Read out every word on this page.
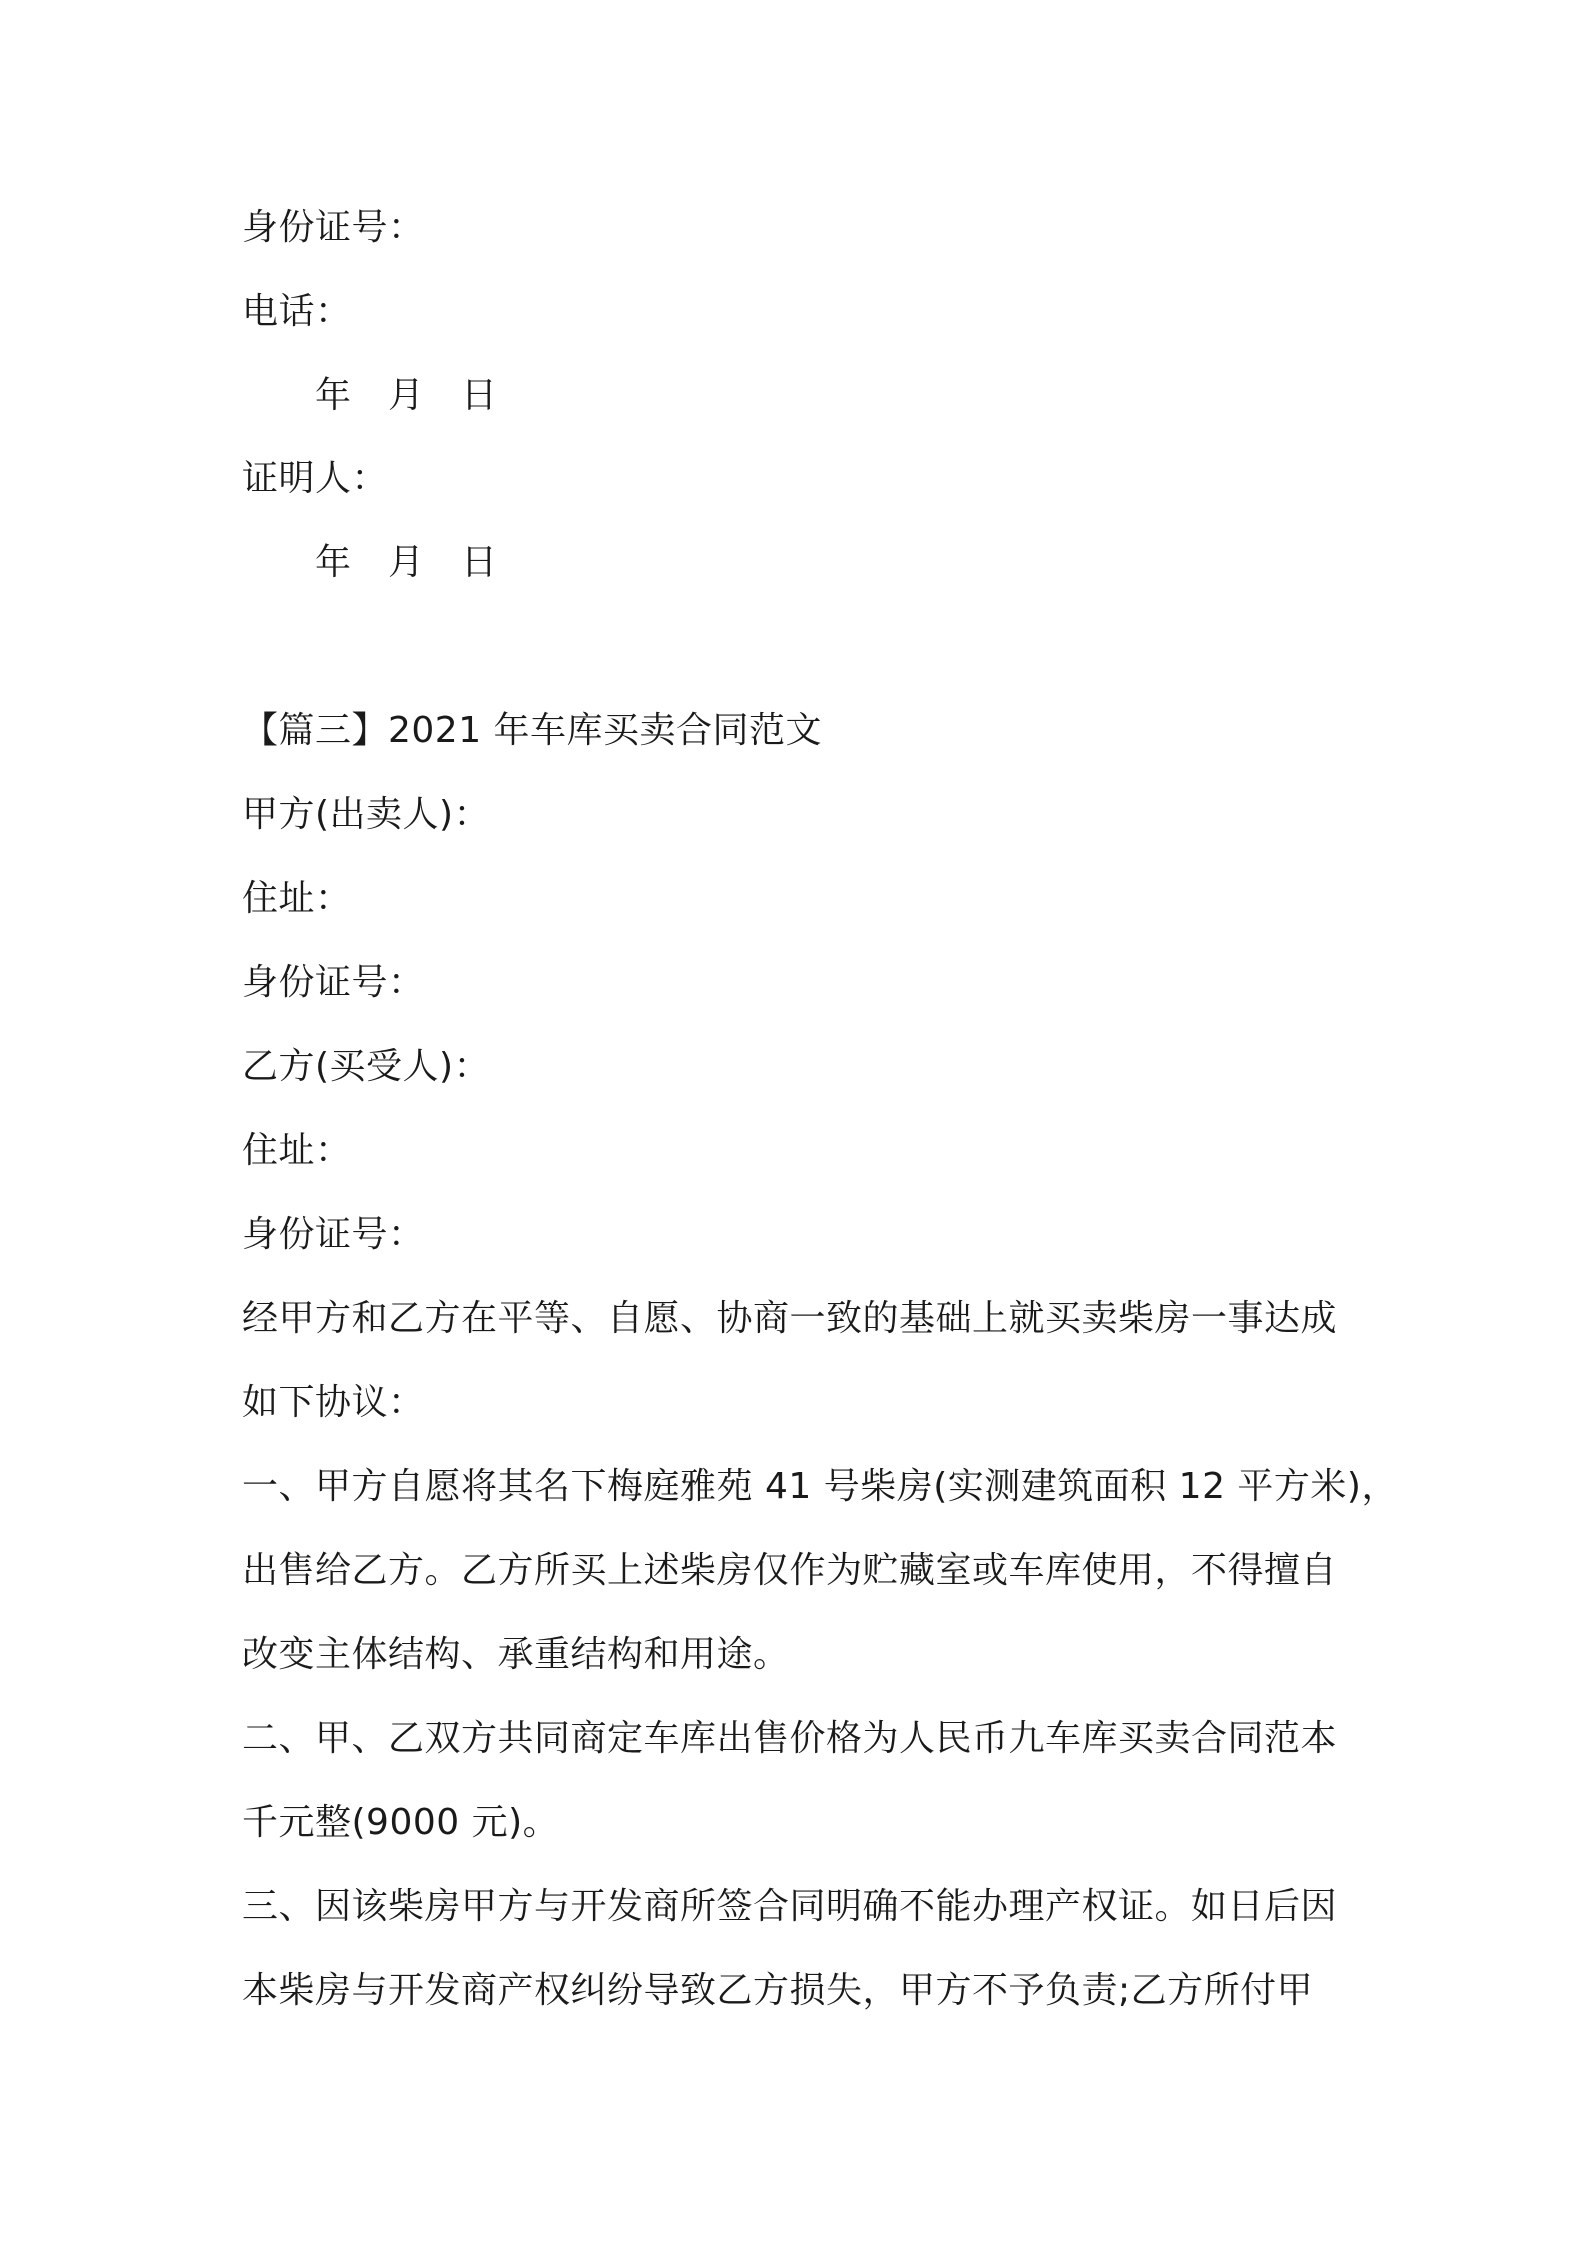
身份证号：
电话：
年　月　日
证明人：
年　月　日
【篇三】2021 年车库买卖合同范文
甲方(出卖人)：
住址：
身份证号：
乙方(买受人)：
住址：
身份证号：
经甲方和乙方在平等、自愿、协商一致的基础上就买卖柴房一事达成
如下协议：
一、甲方自愿将其名下梅庭雅苑 41 号柴房(实测建筑面积 12 平方米)，
出售给乙方。乙方所买上述柴房仅作为贮藏室或车库使用，不得擅自
改变主体结构、承重结构和用途。
二、甲、乙双方共同商定车库出售价格为人民币九车库买卖合同范本
千元整(9000 元)。
三、因该柴房甲方与开发商所签合同明确不能办理产权证。如日后因
本柴房与开发商产权纠纷导致乙方损失，甲方不予负责;乙方所付甲
